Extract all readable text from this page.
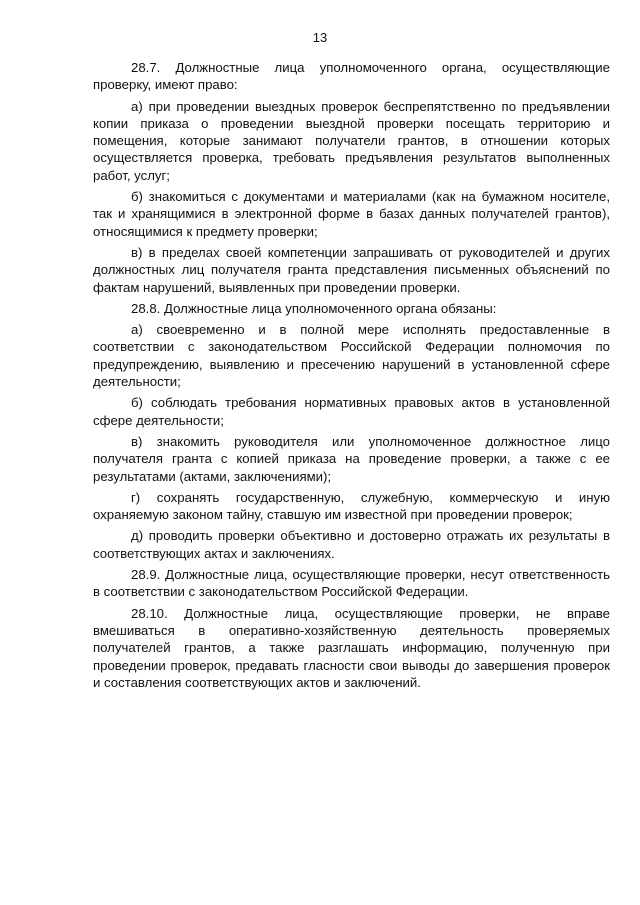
13

28.7. Должностные лица уполномоченного органа, осуществляющие проверку, имеют право:

а) при проведении выездных проверок беспрепятственно по предъявлении копии приказа о проведении выездной проверки посещать территорию и помещения, которые занимают получатели грантов, в отношении которых осуществляется проверка, требовать предъявления результатов выполненных работ, услуг;

б) знакомиться с документами и материалами (как на бумажном носителе, так и хранящимися в электронной форме в базах данных получателей грантов), относящимися к предмету проверки;

в) в пределах своей компетенции запрашивать от руководителей и других должностных лиц получателя гранта представления письменных объяснений по фактам нарушений, выявленных при проведении проверки.

28.8. Должностные лица уполномоченного органа обязаны:

а) своевременно и в полной мере исполнять предоставленные в соответствии с законодательством Российской Федерации полномочия по предупреждению, выявлению и пресечению нарушений в установленной сфере деятельности;

б) соблюдать требования нормативных правовых актов в установленной сфере деятельности;

в) знакомить руководителя или уполномоченное должностное лицо получателя гранта с копией приказа на проведение проверки, а также с ее результатами (актами, заключениями);

г) сохранять государственную, служебную, коммерческую и иную охраняемую законом тайну, ставшую им известной при проведении проверок;

д) проводить проверки объективно и достоверно отражать их результаты в соответствующих актах и заключениях.

28.9. Должностные лица, осуществляющие проверки, несут ответственность в соответствии с законодательством Российской Федерации.

28.10. Должностные лица, осуществляющие проверки, не вправе вмешиваться в оперативно-хозяйственную деятельность проверяемых получателей грантов, а также разглашать информацию, полученную при проведении проверок, предавать гласности свои выводы до завершения проверок и составления соответствующих актов и заключений.
